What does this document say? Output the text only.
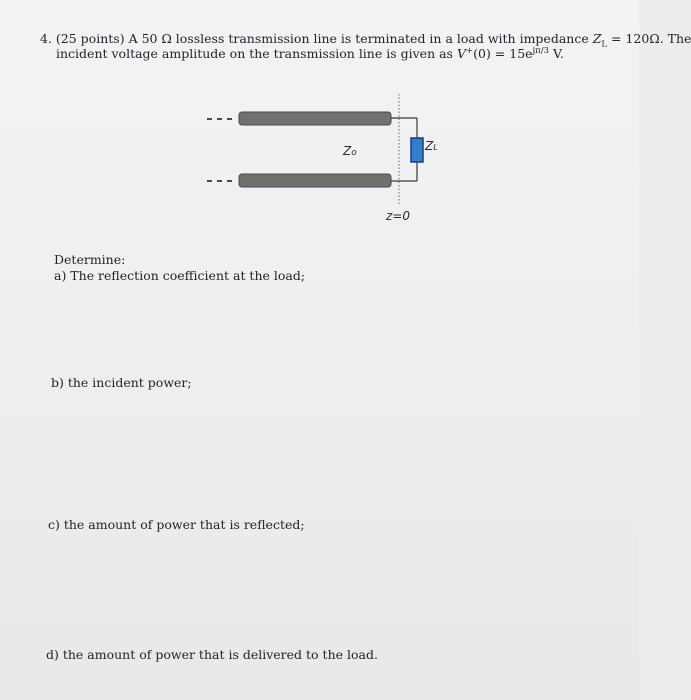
4. (25 points) A 50 Ω lossless transmission line is terminated in a load with impedance $Z_L = 120\Omega$. The
incident voltage amplitude on the transmission line is given as $V^+(0) = 15e^{j\pi/3}$ V.
Zo	ZL
z=0
Determine:
a) The reflection coefficient at the load;
b) the incident power;
c) the amount of power that is reflected;
d) the amount of power that is delivered to the load.
